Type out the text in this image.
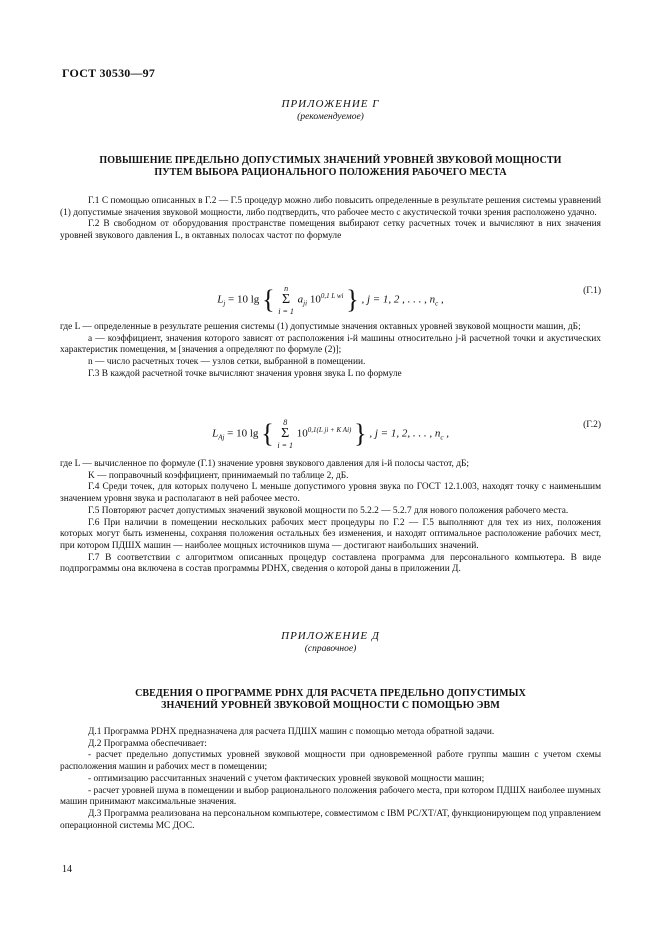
ГОСТ 30530—97
ПРИЛОЖЕНИЕ Г
(рекомендуемое)
ПОВЫШЕНИЕ ПРЕДЕЛЬНО ДОПУСТИМЫХ ЗНАЧЕНИЙ УРОВНЕЙ ЗВУКОВОЙ МОЩНОСТИ
ПУТЕМ ВЫБОРА РАЦИОНАЛЬНОГО ПОЛОЖЕНИЯ РАБОЧЕГО МЕСТА

Г.1 С помощью описанных в Г.2 — Г.5 процедур можно либо повысить определенные в результате решения системы уравнений (1) допустимые значения звуковой мощности, либо подтвердить, что рабочее место с акустической точки зрения расположено удачно.

Г.2 В свободном от оборудования пространстве помещения выбирают сетку расчетных точек и вычисляют в них значения уровней звукового давления L, в октавных полосах частот по формуле

$L_j = 10$ lg { n
Σ
i = 1 $a_{ji}$ $10^{0,1 L wi}$ } , j = 1, 2 , . . . , $n_c$ ,
(Г.1)

где L — определенные в результате решения системы (1) допустимые значения октавных уровней звуковой мощности машин, дБ;

a — коэффициент, значения которого зависят от расположения i-й машины относительно j-й расчетной точки и акустических характеристик помещения, м [значения a определяют по формуле (2)];

n — число расчетных точек — узлов сетки, выбранной в помещении.

Г.3 В каждой расчетной точке вычисляют значения уровня звука L по формуле

$L_{Aj} = 10$ lg { 8
Σ
i = 1 $10^{0,1(L ji + K Ai)}$ } , j = 1, 2, . . . , $n_c$ ,
(Г.2)

где L — вычисленное по формуле (Г.1) значение уровня звукового давления для i-й полосы частот, дБ;

K — поправочный коэффициент, принимаемый по таблице 2, дБ.

Г.4 Среди точек, для которых получено L меньше допустимого уровня звука по ГОСТ 12.1.003, находят точку с наименьшим значением уровня звука и располагают в ней рабочее место.

Г.5 Повторяют расчет допустимых значений звуковой мощности по 5.2.2 — 5.2.7 для нового положения рабочего места.

Г.6 При наличии в помещении нескольких рабочих мест процедуры по Г.2 — Г.5 выполняют для тех из них, положения которых могут быть изменены, сохраняя положения остальных без изменения, и находят оптимальное расположение рабочих мест, при котором ПДШХ машин — наиболее мощных источников шума — достигают наибольших значений.

Г.7 В соответствии с алгоритмом описанных процедур составлена программа для персонального компьютера. В виде подпрограммы она включена в состав программы PDHX, сведения о которой даны в приложении Д.

ПРИЛОЖЕНИЕ Д
(справочное)
СВЕДЕНИЯ О ПРОГРАММЕ PDHX ДЛЯ РАСЧЕТА ПРЕДЕЛЬНО ДОПУСТИМЫХ
ЗНАЧЕНИЙ УРОВНЕЙ ЗВУКОВОЙ МОЩНОСТИ С ПОМОЩЬЮ ЭВМ

Д.1 Программа PDHX предназначена для расчета ПДШХ машин с помощью метода обратной задачи.

Д.2 Программа обеспечивает:

- расчет предельно допустимых уровней звуковой мощности при одновременной работе группы машин с учетом схемы расположения машин и рабочих мест в помещении;

- оптимизацию рассчитанных значений с учетом фактических уровней звуковой мощности машин;

- расчет уровней шума в помещении и выбор рационального положения рабочего места, при котором ПДШХ наиболее шумных машин принимают максимальные значения.

Д.3 Программа реализована на персональном компьютере, совместимом с IBM PC/XT/AT, функционирующем под управлением операционной системы МС ДОС.

14
